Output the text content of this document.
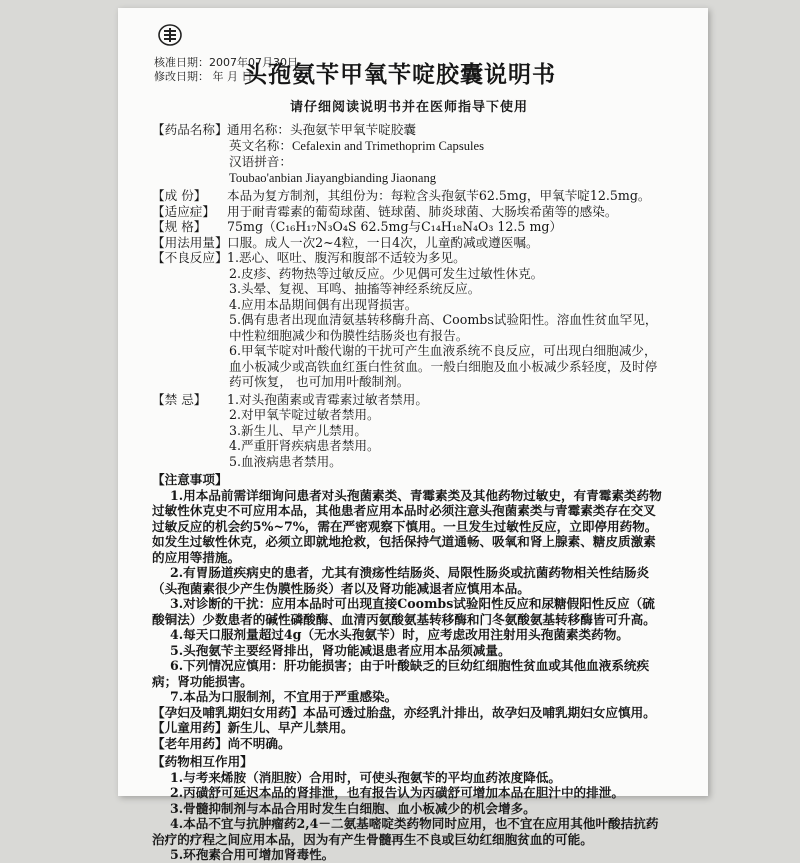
核准日期：2007年07月30日
修改日期： 年 月 日
头孢氨苄甲氧苄啶胶囊说明书
请仔细阅读说明书并在医师指导下使用
【药品名称】 通用名称：头孢氨苄甲氧苄啶胶囊
英文名称：Cefalexin and Trimethoprim Capsules
汉语拼音：
Toubao'anbian Jiayangbianding Jiaonang
【成 份】	本品为复方制剂，其组份为：每粒含头孢氨苄62.5mg，甲氧苄啶12.5mg。
【适应症】 用于耐青霉素的葡萄球菌、链球菌、肺炎球菌、大肠埃希菌等的感染。
【规 格】	75mg（C₁₆H₁₇N₃O₄S 62.5mg与C₁₄H₁₈N₄O₃ 12.5 mg）
【用法用量】 口服。成人一次2~4粒，一日4次，儿童酌减或遵医嘱。
【不良反应】 1.恶心、呕吐、腹泻和腹部不适较为多见。
2.皮疹、药物热等过敏反应。少见偶可发生过敏性休克。
3.头晕、复视、耳鸣、抽搐等神经系统反应。
4.应用本品期间偶有出现肾损害。
5.偶有患者出现血清氨基转移酶升高、Coombs试验阳性。溶血性贫血罕见，中性粒细胞减少和伪膜性结肠炎也有报告。
6.甲氧苄啶对叶酸代谢的干扰可产生血液系统不良反应，可出现白细胞减少，血小板减少或高铁血红蛋白性贫血。一般白细胞及血小板减少系轻度，及时停药可恢复， 也可加用叶酸制剂。
【禁 忌】	1.对头孢菌素或青霉素过敏者禁用。
2.对甲氧苄啶过敏者禁用。
3.新生儿、早产儿禁用。
4.严重肝肾疾病患者禁用。
5.血液病患者禁用。
【注意事项】
1.用本品前需详细询问患者对头孢菌素类、青霉素类及其他药物过敏史，有青霉素类药物过敏性休克史不可应用本品，其他患者应用本品时必须注意头孢菌素类与青霉素类存在交叉过敏反应的机会约5%~7%，需在严密观察下慎用。一旦发生过敏性反应，立即停用药物。如发生过敏性休克，必须立即就地抢救，包括保持气道通畅、吸氧和肾上腺素、糖皮质激素的应用等措施。
2.有胃肠道疾病史的患者，尤其有溃疡性结肠炎、局限性肠炎或抗菌药物相关性结肠炎（头孢菌素很少产生伪膜性肠炎）者以及肾功能减退者应慎用本品。
3.对诊断的干扰：应用本品时可出现直接Coombs试验阳性反应和尿糖假阳性反应（硫酸铜法）少数患者的碱性磷酸酶、血清丙氨酸氨基转移酶和门冬氨酸氨基转移酶皆可升高。
4.每天口服剂量超过4g（无水头孢氨苄）时，应考虑改用注射用头孢菌素类药物。
5.头孢氨苄主要经肾排出，肾功能减退患者应用本品须减量。
6.下列情况应慎用：肝功能损害；由于叶酸缺乏的巨幼红细胞性贫血或其他血液系统疾病；肾功能损害。
7.本品为口服制剂，不宜用于严重感染。
【孕妇及哺乳期妇女用药】本品可透过胎盘，亦经乳汁排出，故孕妇及哺乳期妇女应慎用。
【儿童用药】新生儿、早产儿禁用。
【老年用药】尚不明确。
【药物相互作用】
1.与考来烯胺（消胆胺）合用时，可使头孢氨苄的平均血药浓度降低。
2.丙磺舒可延迟本品的肾排泄，也有报告认为丙磺舒可增加本品在胆汁中的排泄。
3.骨髓抑制剂与本品合用时发生白细胞、血小板减少的机会增多。
4.本品不宜与抗肿瘤药2,4－二氨基嘧啶类药物同时应用，也不宜在应用其他叶酸拮抗药治疗的疗程之间应用本品，因为有产生骨髓再生不良或巨幼红细胞贫血的可能。
5.环孢素合用可增加肾毒性。
